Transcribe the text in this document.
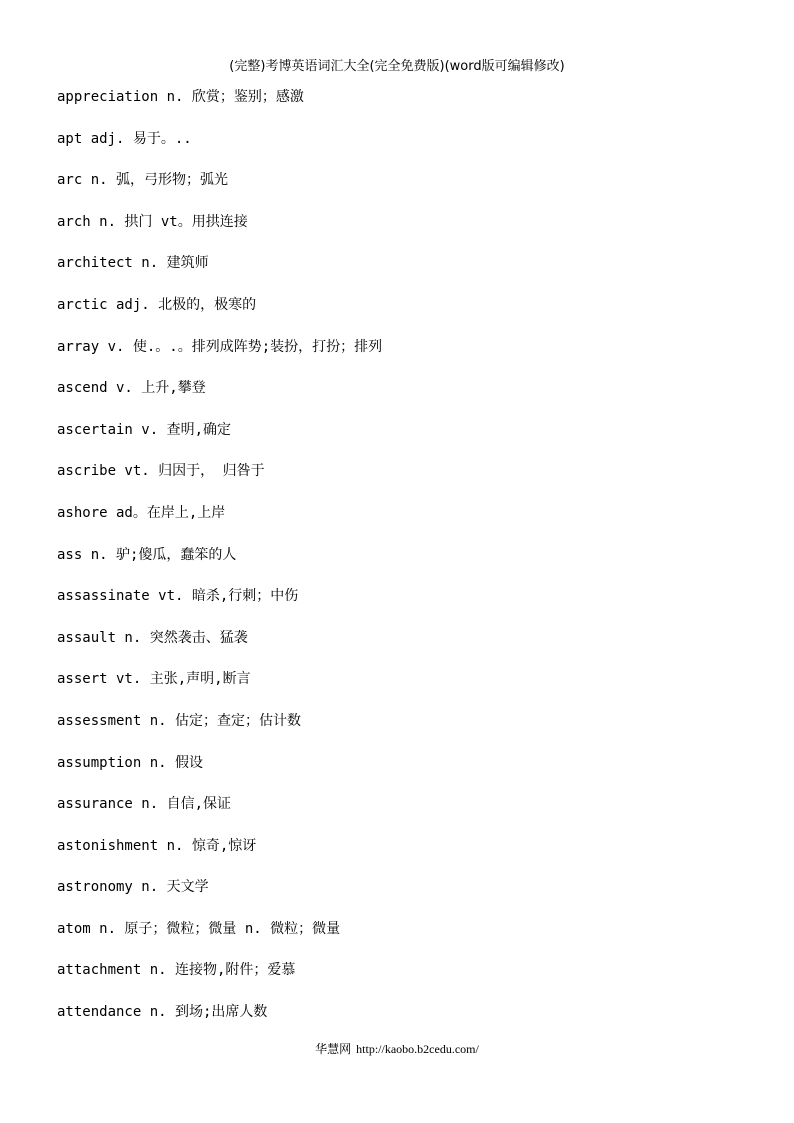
(完整)考博英语词汇大全(完全免费版)(word版可编辑修改)
appreciation n. 欣赏；鉴别；感激
apt adj. 易于。..
arc n. 弧，弓形物；弧光
arch n. 拱门 vt。用拱连接
architect n. 建筑师
arctic adj. 北极的，极寒的
array v. 使.。.。排列成阵势;装扮，打扮；排列
ascend v. 上升,攀登
ascertain v. 查明,确定
ascribe vt. 归因于， 归咎于
ashore ad。在岸上,上岸
ass n. 驴;傻瓜，蠢笨的人
assassinate vt. 暗杀,行刺；中伤
assault n. 突然袭击、猛袭
assert vt. 主张,声明,断言
assessment n. 估定；查定；估计数
assumption n. 假设
assurance n. 自信,保证
astonishment n. 惊奇,惊讶
astronomy n. 天文学
atom n. 原子；微粒；微量 n. 微粒；微量
attachment n. 连接物,附件；爱慕
attendance n. 到场;出席人数
华慧网 http://kaobo.b2cedu.com/
